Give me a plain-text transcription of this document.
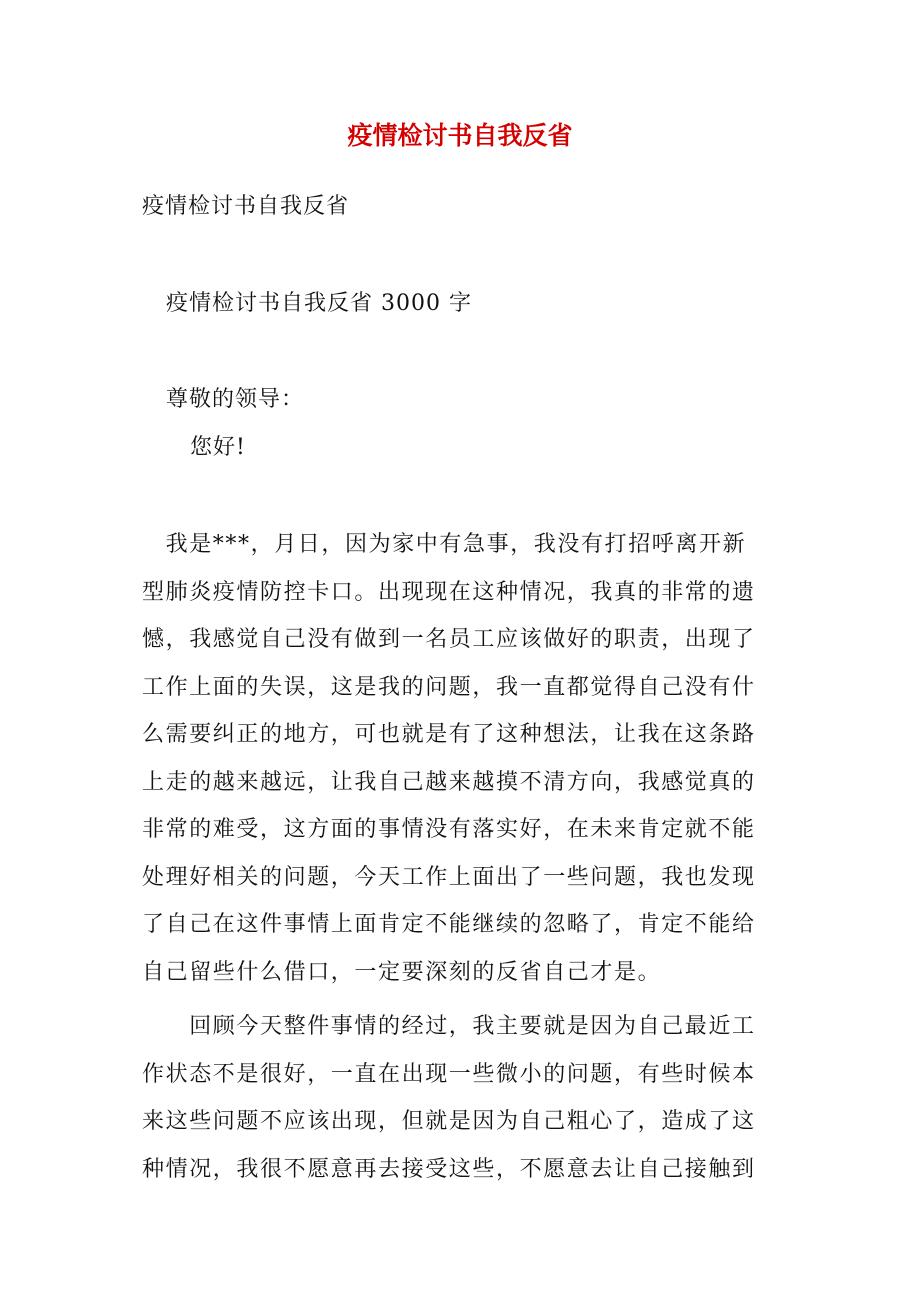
疫情检讨书自我反省
疫情检讨书自我反省
疫情检讨书自我反省 3000 字
尊敬的领导：
您好!
　我是***，月日，因为家中有急事，我没有打招呼离开新
型肺炎疫情防控卡口。出现现在这种情况，我真的非常的遗
憾，我感觉自己没有做到一名员工应该做好的职责，出现了
工作上面的失误，这是我的问题，我一直都觉得自己没有什
么需要纠正的地方，可也就是有了这种想法，让我在这条路
上走的越来越远，让我自己越来越摸不清方向，我感觉真的
非常的难受，这方面的事情没有落实好，在未来肯定就不能
处理好相关的问题，今天工作上面出了一些问题，我也发现
了自己在这件事情上面肯定不能继续的忽略了，肯定不能给
自己留些什么借口，一定要深刻的反省自己才是。
　　回顾今天整件事情的经过，我主要就是因为自己最近工
作状态不是很好，一直在出现一些微小的问题，有些时候本
来这些问题不应该出现，但就是因为自己粗心了，造成了这
种情况，我很不愿意再去接受这些，不愿意去让自己接触到
